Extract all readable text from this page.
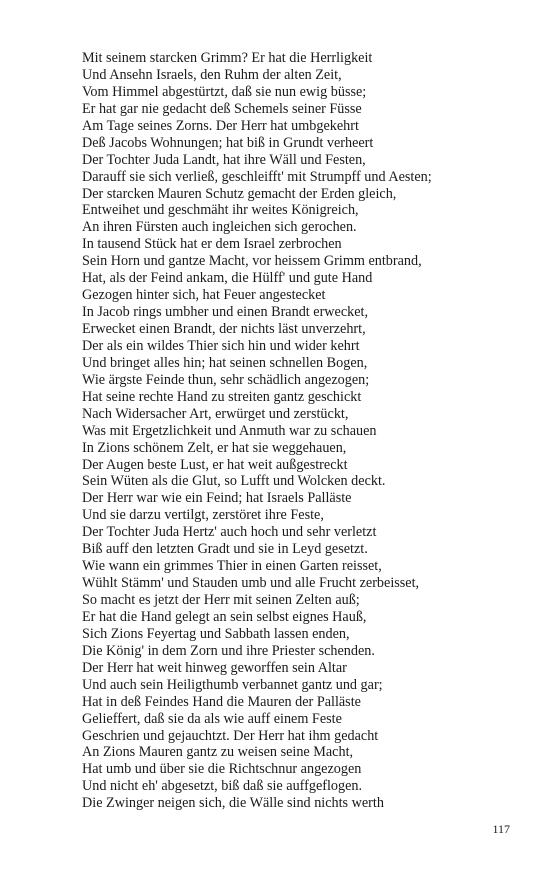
Mit seinem starcken Grimm? Er hat die Herrligkeit
Und Ansehn Israels, den Ruhm der alten Zeit,
Vom Himmel abgestürtzt, daß sie nun ewig büsse;
Er hat gar nie gedacht deß Schemels seiner Füsse
Am Tage seines Zorns. Der Herr hat umbgekehrt
Deß Jacobs Wohnungen; hat biß in Grundt verheert
Der Tochter Juda Landt, hat ihre Wäll und Festen,
Darauff sie sich verließ, geschleifft' mit Strumpff und Aesten;
Der starcken Mauren Schutz gemacht der Erden gleich,
Entweihet und geschmäht ihr weites Königreich,
An ihren Fürsten auch ingleichen sich gerochen.
In tausend Stück hat er dem Israel zerbrochen
Sein Horn und gantze Macht, vor heissem Grimm entbrand,
Hat, als der Feind ankam, die Hülff' und gute Hand
Gezogen hinter sich, hat Feuer angestecket
In Jacob rings umbher und einen Brandt erwecket,
Erwecket einen Brandt, der nichts läst unverzehrt,
Der als ein wildes Thier sich hin und wider kehrt
Und bringet alles hin; hat seinen schnellen Bogen,
Wie ärgste Feinde thun, sehr schädlich angezogen;
Hat seine rechte Hand zu streiten gantz geschickt
Nach Widersacher Art, erwürget und zerstückt,
Was mit Ergetzlichkeit und Anmuth war zu schauen
In Zions schönem Zelt, er hat sie weggehauen,
Der Augen beste Lust, er hat weit außgestreckt
Sein Wüten als die Glut, so Lufft und Wolcken deckt.
Der Herr war wie ein Feind; hat Israels Palläste
Und sie darzu vertilgt, zerstöret ihre Feste,
Der Tochter Juda Hertz' auch hoch und sehr verletzt
Biß auff den letzten Gradt und sie in Leyd gesetzt.
Wie wann ein grimmes Thier in einen Garten reisset,
Wühlt Stämm' und Stauden umb und alle Frucht zerbeisset,
So macht es jetzt der Herr mit seinen Zelten auß;
Er hat die Hand gelegt an sein selbst eignes Hauß,
Sich Zions Feyertag und Sabbath lassen enden,
Die König' in dem Zorn und ihre Priester schenden.
Der Herr hat weit hinweg geworffen sein Altar
Und auch sein Heiligthumb verbannet gantz und gar;
Hat in deß Feindes Hand die Mauren der Palläste
Gelieffert, daß sie da als wie auff einem Feste
Geschrien und gejauchtzt. Der Herr hat ihm gedacht
An Zions Mauren gantz zu weisen seine Macht,
Hat umb und über sie die Richtschnur angezogen
Und nicht eh' abgesetzt, biß daß sie auffgeflogen.
Die Zwinger neigen sich, die Wälle sind nichts werth
117
